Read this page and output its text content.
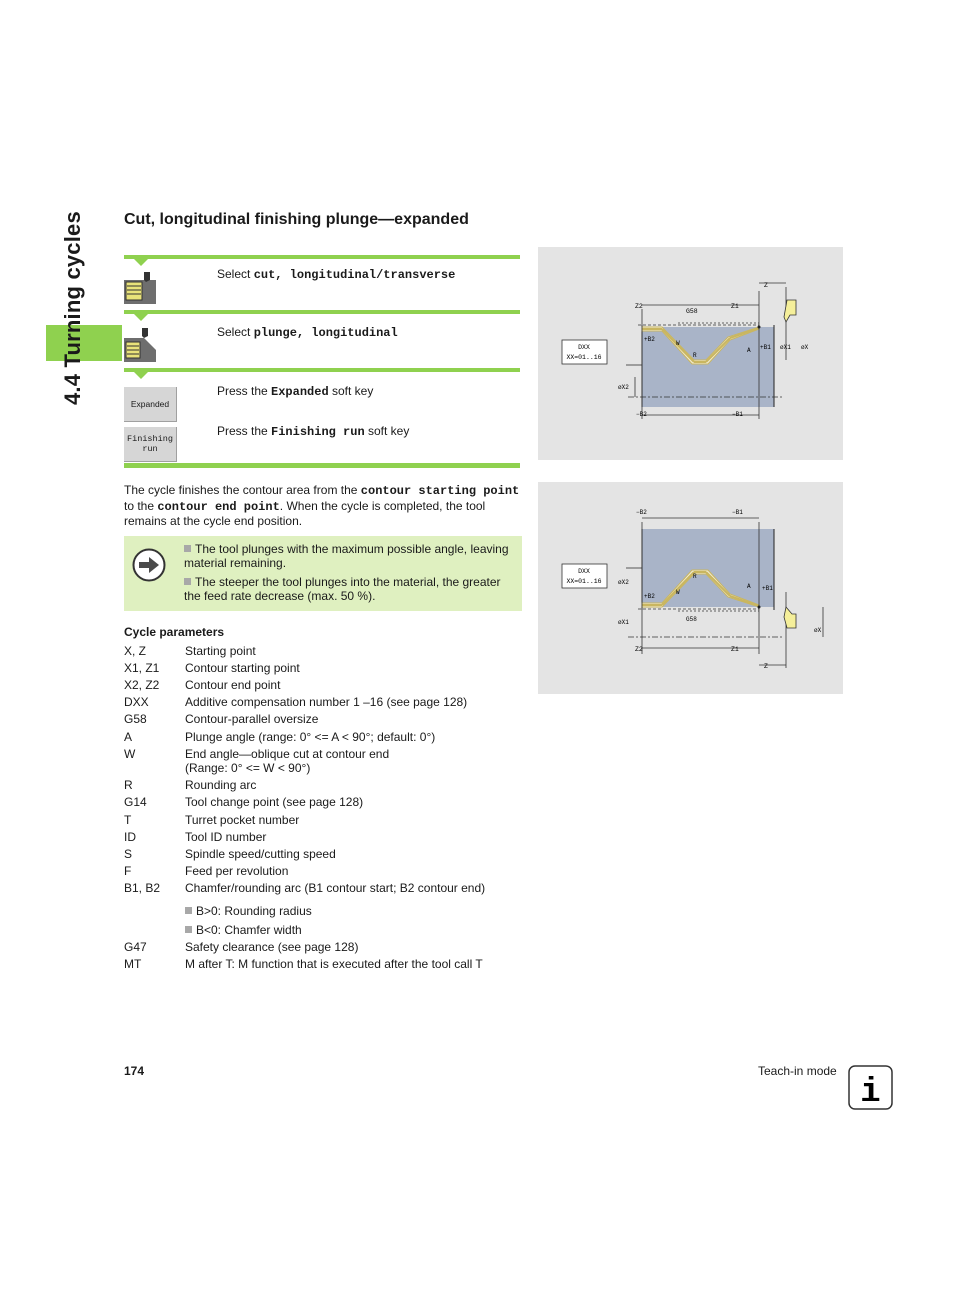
4.4 Turning cycles Cut, longitudinal finishing plunge—expanded
Select cut, longitudinal/transverse
Select plunge, longitudinal
Expanded
Press the Expanded soft key
Finishing
run
Press the Finishing run soft key
The cycle finishes the contour area from the contour starting point to the contour end point. When the cycle is completed, the tool remains at the cycle end position.
The tool plunges with the maximum possible angle, leaving material remaining.
The steeper the tool plunges into the material, the greater the feed rate decrease (max. 50 %).
Cycle parameters
X, Z	Starting point
X1, Z1	Contour starting point
X2, Z2	Contour end point
DXX	Additive compensation number 1 –16 (see page 128)
G58	Contour-parallel oversize
A	Plunge angle (range: 0° <= A < 90°; default: 0°)
W	End angle—oblique cut at contour end
(Range: 0° <= W < 90°)
R	Rounding arc
G14	Tool change point (see page 128)
T	Turret pocket number
ID	Tool ID number
S	Spindle speed/cutting speed
F	Feed per revolution
B1, B2	Chamfer/rounding arc (B1 contour start; B2 contour end)
B>0: Rounding radius
B<0: Chamfer width
G47	Safety clearance (see page 128)
MT	M after T: M function that is executed after the tool call T
DXX
XX=01..16
Z
Z2
G58
Z1
+B2
W
R
A +B1 øX1 øX
øX2
−B2	−B1
DXX
XX=01..16
−B2	−B1
øX2
A +B1
+B2
R
W
øX1	G58
øX
Z2	Z1
Z
174	Teach-in mode
i
